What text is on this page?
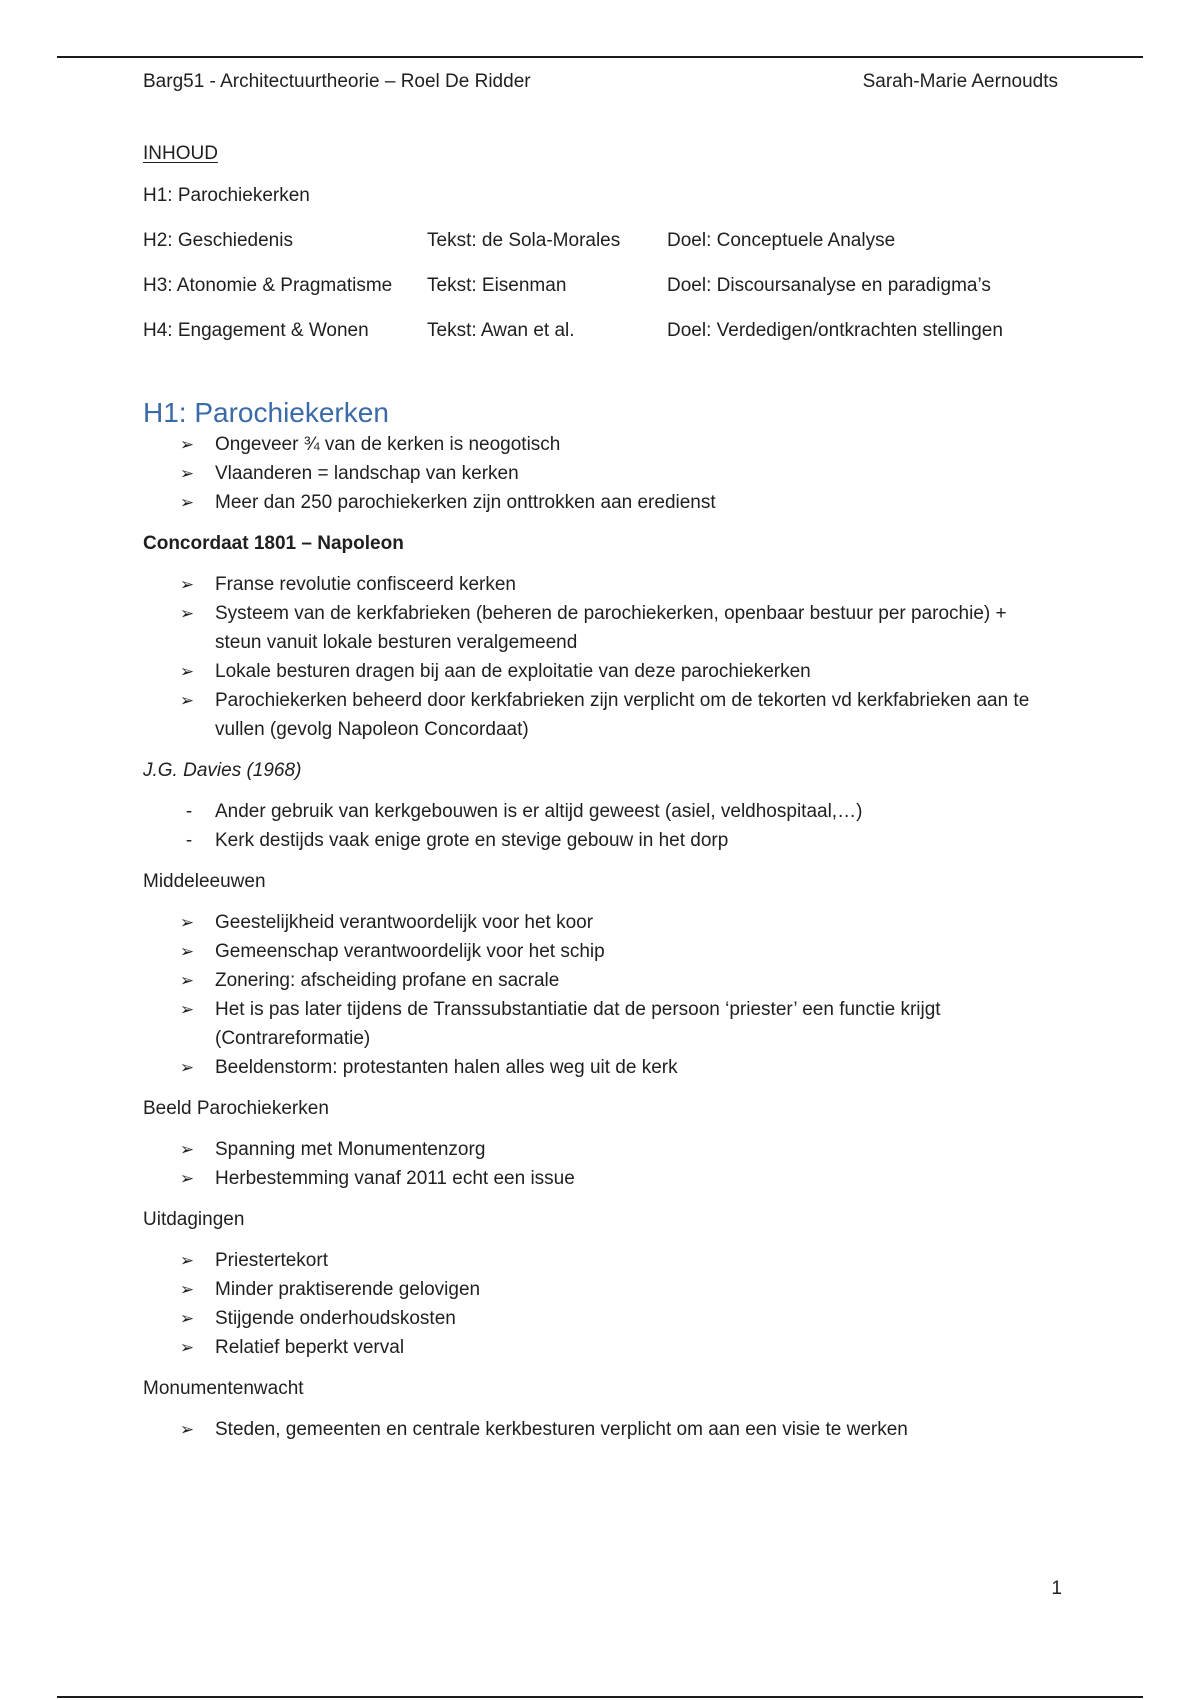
Barg51 - Architectuurtheorie – Roel De Ridder	Sarah-Marie Aernoudts
INHOUD
H1: Parochiekerken
H2: Geschiedenis	Tekst: de Sola-Morales Doel: Conceptuele Analyse
H3: Atonomie & Pragmatisme Tekst: Eisenman	Doel: Discoursanalyse en paradigma’s
H4: Engagement & Wonen	Tekst: Awan et al.	Doel: Verdedigen/ontkrachten stellingen
H1: Parochiekerken
➢ Ongeveer ¾ van de kerken is neogotisch
➢ Vlaanderen = landschap van kerken
➢ Meer dan 250 parochiekerken zijn onttrokken aan eredienst
Concordaat 1801 – Napoleon
➢ Franse revolutie confisceerd kerken
➢ Systeem van de kerkfabrieken (beheren de parochiekerken, openbaar bestuur per parochie) + steun vanuit lokale besturen veralgemeend
➢ Lokale besturen dragen bij aan de exploitatie van deze parochiekerken
➢ Parochiekerken beheerd door kerkfabrieken zijn verplicht om de tekorten vd kerkfabrieken aan te vullen (gevolg Napoleon Concordaat)
J.G. Davies (1968)
- Ander gebruik van kerkgebouwen is er altijd geweest (asiel, veldhospitaal,…)
- Kerk destijds vaak enige grote en stevige gebouw in het dorp
Middeleeuwen
➢ Geestelijkheid verantwoordelijk voor het koor
➢ Gemeenschap verantwoordelijk voor het schip
➢ Zonering: afscheiding profane en sacrale
➢ Het is pas later tijdens de Transsubstantiatie dat de persoon ‘priester’ een functie krijgt (Contrareformatie)
➢ Beeldenstorm: protestanten halen alles weg uit de kerk
Beeld Parochiekerken
➢ Spanning met Monumentenzorg
➢ Herbestemming vanaf 2011 echt een issue
Uitdagingen
➢ Priestertekort
➢ Minder praktiserende gelovigen
➢ Stijgende onderhoudskosten
➢ Relatief beperkt verval
Monumentenwacht
➢ Steden, gemeenten en centrale kerkbesturen verplicht om aan een visie te werken
1
